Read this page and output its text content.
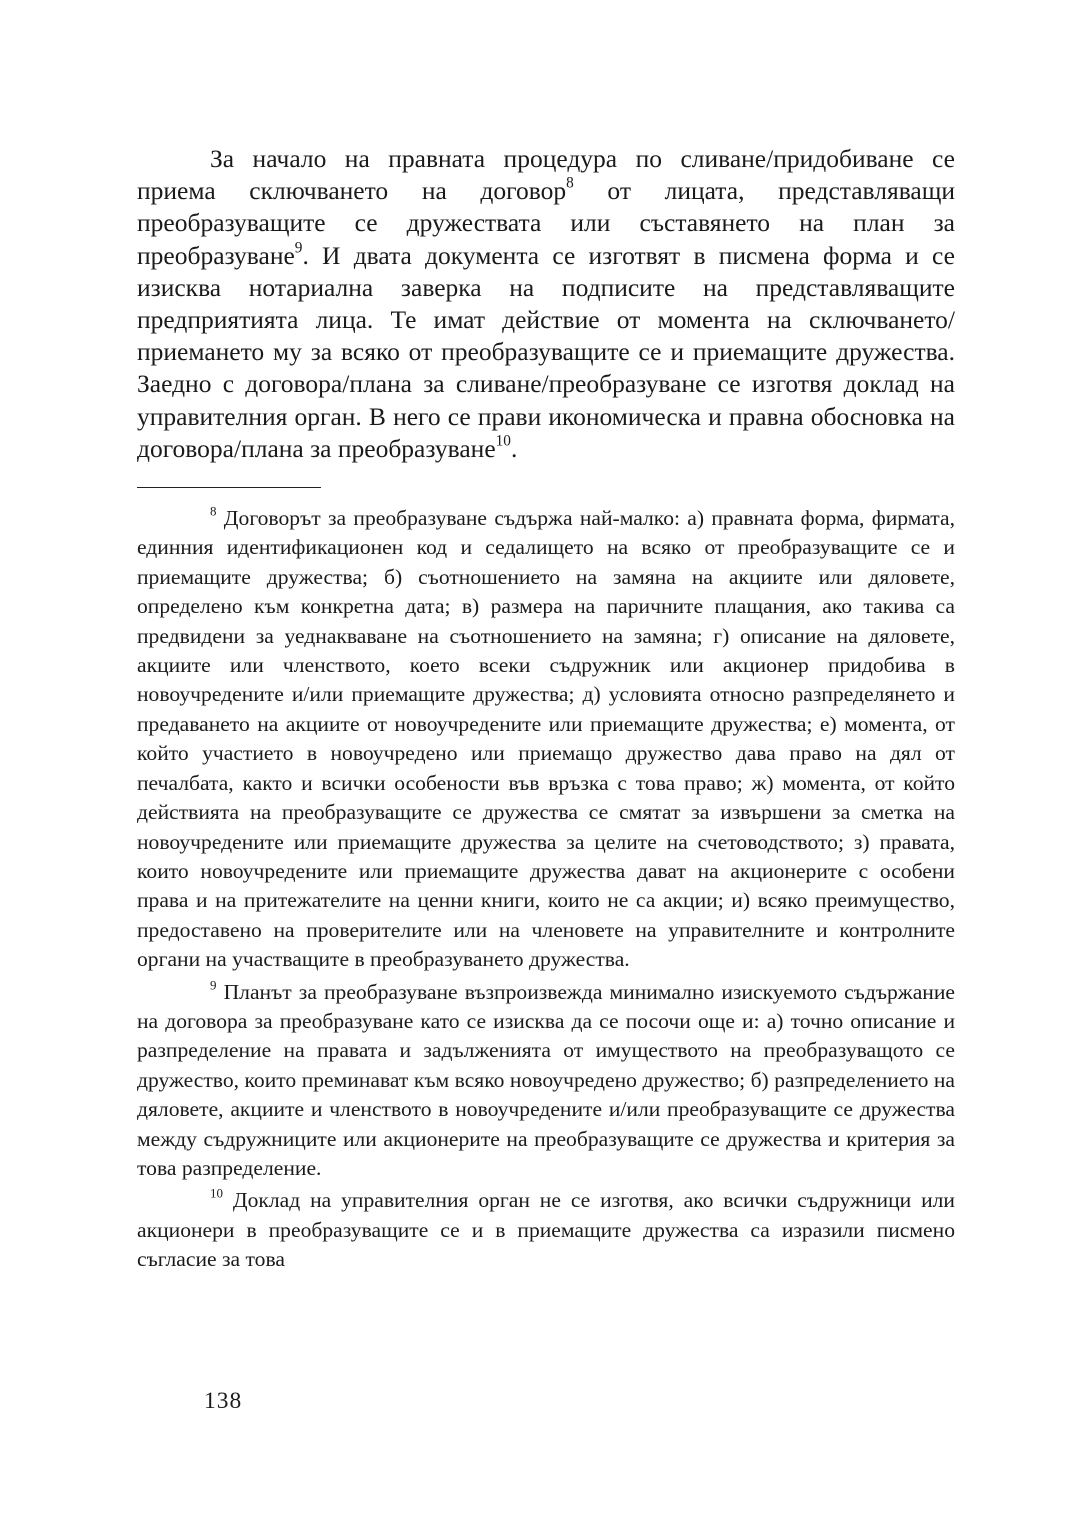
За начало на правната процедура по сливане/придобиване се приема сключването на договор$^8$ от лицата, представляващи преобразуващите се дружествата или съставянето на план за преобразуване$^9$. И двата документа се изготвят в писмена форма и се изисква нотариална заверка на подписите на представляващите предприятията лица. Те имат действие от момента на сключването/приемането му за всяко от преобразуващите се и приемащите дружества. Заедно с договора/плана за сливане/преобразуване се изготвя доклад на управителния орган. В него се прави икономическа и правна обосновка на договора/плана за преобразуване$^{10}$.

$^8$ Договорът за преобразуване съдържа най-малко: а) правната форма, фирмата, единния идентификационен код и седалището на всяко от преобразуващите се и приемащите дружества; б) съотношението на замяна на акциите или дяловете, определено към конкретна дата; в) размера на паричните плащания, ако такива са предвидени за уеднакваване на съотношението на замяна; г) описание на дяловете, акциите или членството, което всеки съдружник или акционер придобива в новоучредените и/или приемащите дружества; д) условията относно разпределянето и предаването на акциите от новоучредените или приемащите дружества; е) момента, от който участието в новоучредено или приемащо дружество дава право на дял от печалбата, както и всички особености във връзка с това право; ж) момента, от който действията на преобразуващите се дружества се смятат за извършени за сметка на новоучредените или приемащите дружества за целите на счетоводството; з) правата, които новоучредените или приемащите дружества дават на акционерите с особени права и на притежателите на ценни книги, които не са акции; и) всяко преимущество, предоставено на проверителите или на членовете на управителните и контролните органи на участващите в преобразуването дружества.

$^9$ Планът за преобразуване възпроизвежда минимално изискуемото съдържание на договора за преобразуване като се изисква да се посочи още и: а) точно описание и разпределение на правата и задълженията от имуществото на преобразуващото се дружество, които преминават към всяко новоучредено дружество; б) разпределението на дяловете, акциите и членството в новоучредените и/или преобразуващите се дружества между съдружниците или акционерите на преобразуващите се дружества и критерия за това разпределение.

$^{10}$ Доклад на управителния орган не се изготвя, ако всички съдружници или акционери в преобразуващите се и в приемащите дружества са изразили писмено съгласие за това

138
